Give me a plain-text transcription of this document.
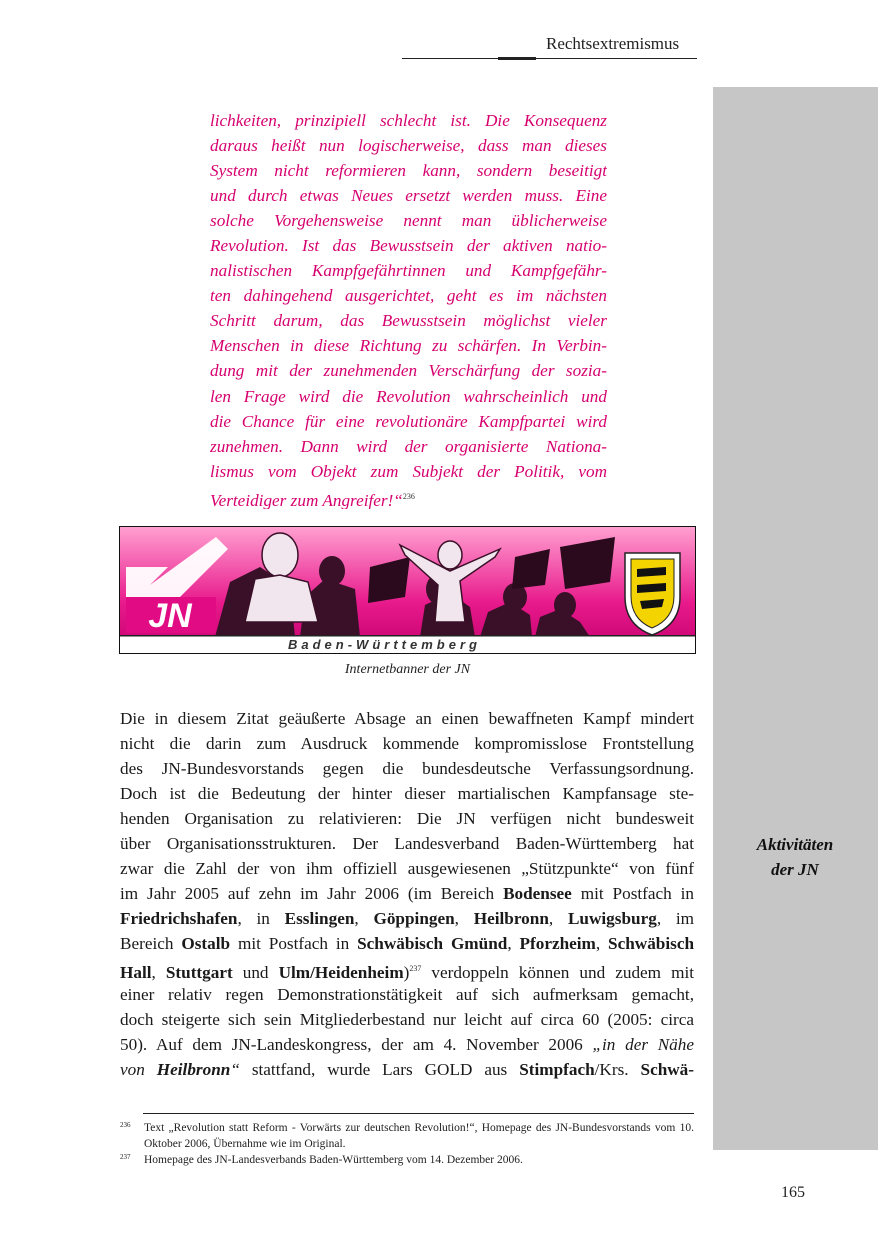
Rechtsextremismus
Aktivitäten
der JN
lichkeiten, prinzipiell schlecht ist. Die Konsequenz
daraus heißt nun logischerweise, dass man dieses
System nicht reformieren kann, sondern beseitigt
und durch etwas Neues ersetzt werden muss. Eine
solche Vorgehensweise nennt man üblicherweise
Revolution. Ist das Bewusstsein der aktiven natio-
nalistischen Kampfgefährtinnen und Kampfgefähr-
ten dahingehend ausgerichtet, geht es im nächsten
Schritt darum, das Bewusstsein möglichst vieler
Menschen in diese Richtung zu schärfen. In Verbin-
dung mit der zunehmenden Verschärfung der sozia-
len Frage wird die Revolution wahrscheinlich und
die Chance für eine revolutionäre Kampfpartei wird
zunehmen. Dann wird der organisierte Nationa-
lismus vom Objekt zum Subjekt der Politik, vom
Verteidiger zum Angreifer!“$^{236}$
JN
Baden-Württemberg
Internetbanner der JN
Die in diesem Zitat geäußerte Absage an einen bewaffneten Kampf mindert
nicht die darin zum Ausdruck kommende kompromisslose Frontstellung
des JN-Bundesvorstands gegen die bundesdeutsche Verfassungsordnung.
Doch ist die Bedeutung der hinter dieser martialischen Kampfansage ste-
henden Organisation zu relativieren: Die JN verfügen nicht bundesweit
über Organisationsstrukturen. Der Landesverband Baden-Württemberg hat
zwar die Zahl der von ihm offiziell ausgewiesenen „Stützpunkte“ von fünf
im Jahr 2005 auf zehn im Jahr 2006 (im Bereich Bodensee mit Postfach in
Friedrichshafen, in Esslingen, Göppingen, Heilbronn, Luwigsburg, im
Bereich Ostalb mit Postfach in Schwäbisch Gmünd, Pforzheim, Schwäbisch
Hall, Stuttgart und Ulm/Heidenheim)$^{237}$ verdoppeln können und zudem mit
einer relativ regen Demonstrationstätigkeit auf sich aufmerksam gemacht,
doch steigerte sich sein Mitgliederbestand nur leicht auf circa 60 (2005: circa
50). Auf dem JN-Landeskongress, der am 4. November 2006 „in der Nähe
von Heilbronn“ stattfand, wurde Lars GOLD aus Stimpfach/Krs. Schwä-
236 Text „Revolution statt Reform - Vorwärts zur deutschen Revolution!“, Homepage des JN-Bundesvorstands vom 10. Oktober 2006, Übernahme wie im Original.
237 Homepage des JN-Landesverbands Baden-Württemberg vom 14. Dezember 2006.
165
